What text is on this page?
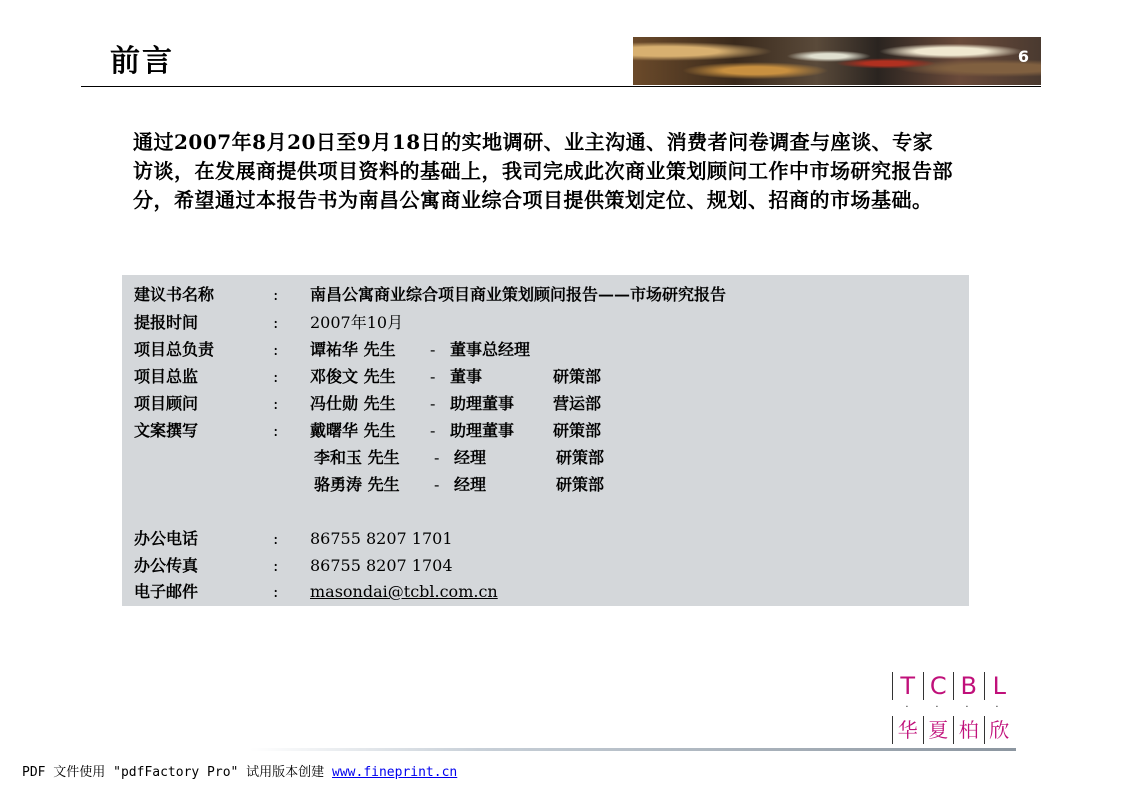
前言	6
通过2007年8月20日至9月18日的实地调研、业主沟通、消费者问卷调查与座谈、专家访谈，在发展商提供项目资料的基础上，我司完成此次商业策划顾问工作中市场研究报告部分，希望通过本报告书为南昌公寓商业综合项目提供策划定位、规划、招商的市场基础。
建议书名称	: 南昌公寓商业综合项目商业策划顾问报告——市场研究报告
提报时间	: 2007年10月
项目总负责	: 谭祐华 先生 - 董事总经理
项目总监	: 邓俊文 先生 - 董事	研策部
项目顾问	: 冯仕勋 先生 - 助理董事 营运部
文案撰写	: 戴曙华 先生 - 助理董事 研策部
李和玉 先生 - 经理	研策部
骆勇涛 先生 - 经理	研策部
办公电话	: 86755 8207 1701
办公传真	: 86755 8207 1704
电子邮件	: masondai@tcbl.com.cn
T C B L
·	·	·	·
华 夏 柏 欣
PDF 文件使用 "pdfFactory Pro" 试用版本创建 www.fineprint.cn
